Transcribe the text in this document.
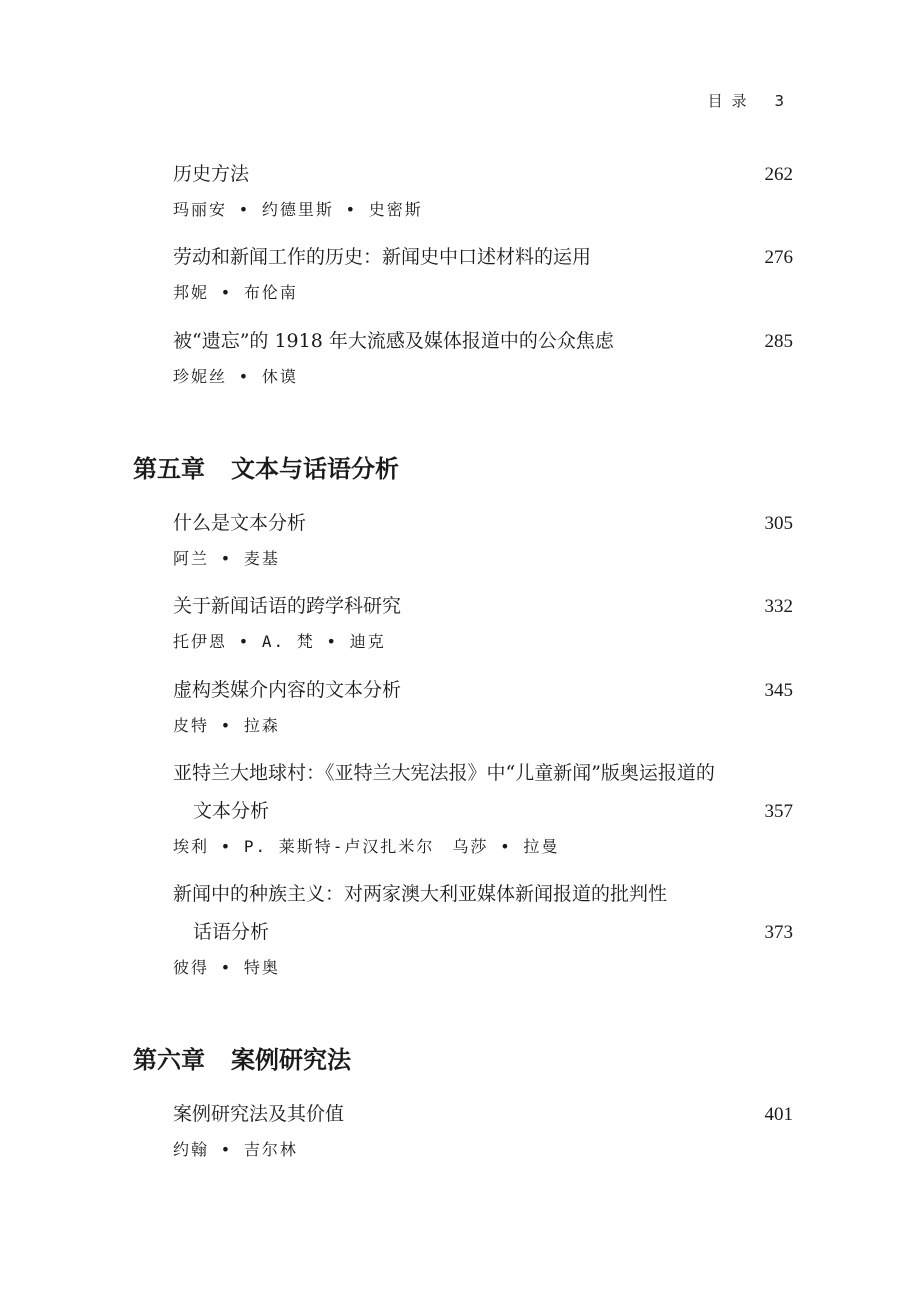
目 录 3
历史方法	262
玛丽安 • 约德里斯 • 史密斯
劳动和新闻工作的历史：新闻史中口述材料的运用	276
邦妮 • 布伦南
被“遗忘”的 1918 年大流感及媒体报道中的公众焦虑	285
珍妮丝 • 休谟
第五章 文本与话语分析
什么是文本分析	305
阿兰 • 麦基
关于新闻话语的跨学科研究	332
托伊恩 • A. 梵 • 迪克
虚构类媒介内容的文本分析	345
皮特 • 拉森
亚特兰大地球村：《亚特兰大宪法报》中“儿童新闻”版奥运报道的
文本分析	357
埃利 • P. 莱斯特-卢汉扎米尔　乌莎 • 拉曼
新闻中的种族主义：对两家澳大利亚媒体新闻报道的批判性
话语分析	373
彼得 • 特奥
第六章 案例研究法
案例研究法及其价值	401
约翰 • 吉尔林
